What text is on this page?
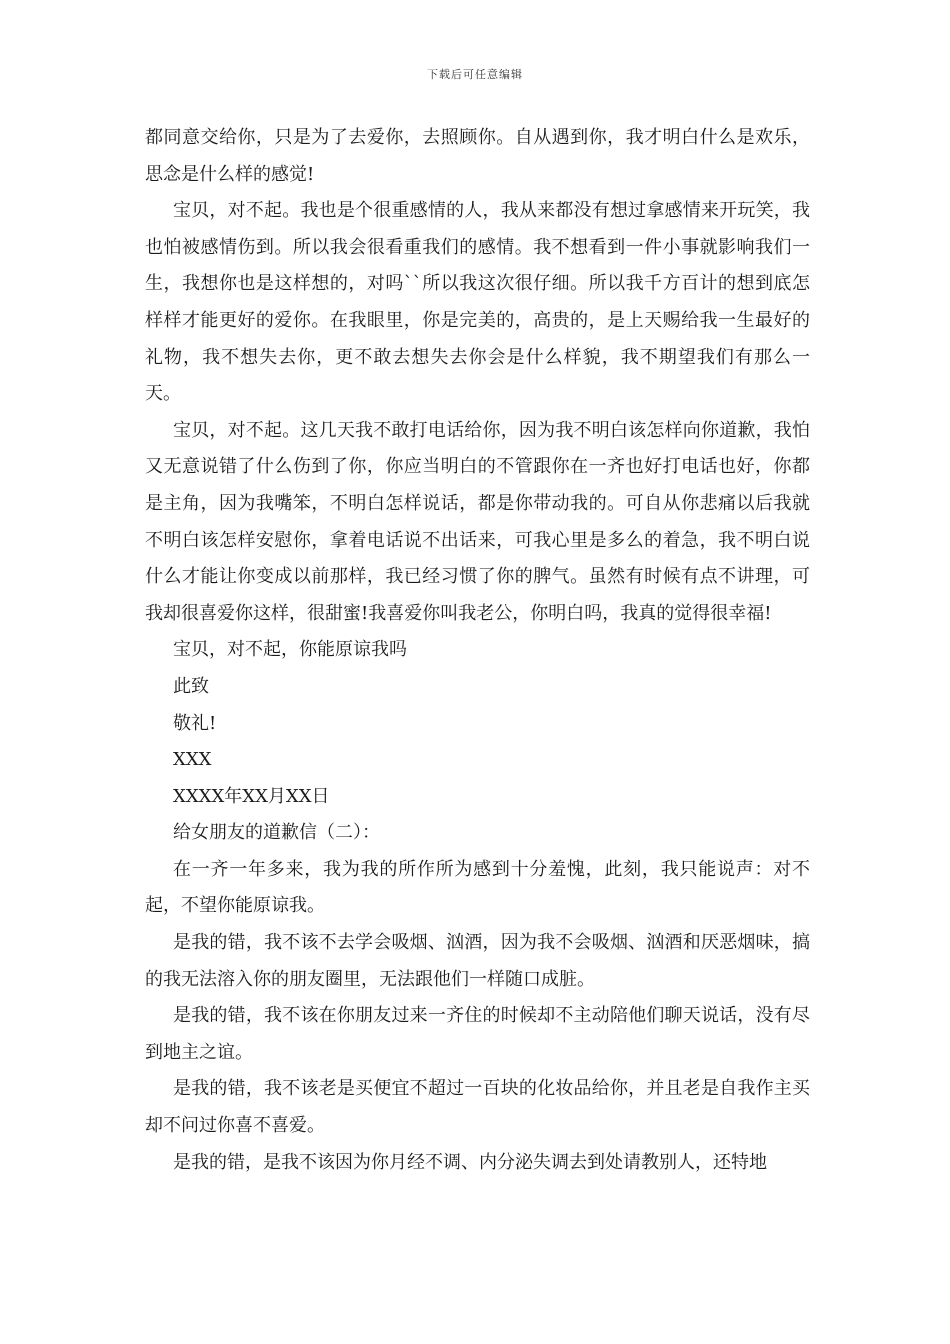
下载后可任意编辑

都同意交给你，只是为了去爱你，去照顾你。自从遇到你，我才明白什么是欢乐，思念是什么样的感觉!

宝贝，对不起。我也是个很重感情的人，我从来都没有想过拿感情来开玩笑，我也怕被感情伤到。所以我会很看重我们的感情。我不想看到一件小事就影响我们一生，我想你也是这样想的，对吗``所以我这次很仔细。所以我千方百计的想到底怎样样才能更好的爱你。在我眼里，你是完美的，高贵的，是上天赐给我一生最好的礼物，我不想失去你，更不敢去想失去你会是什么样貌，我不期望我们有那么一天。

宝贝，对不起。这几天我不敢打电话给你，因为我不明白该怎样向你道歉，我怕又无意说错了什么伤到了你，你应当明白的不管跟你在一齐也好打电话也好，你都是主角，因为我嘴笨，不明白怎样说话，都是你带动我的。可自从你悲痛以后我就不明白该怎样安慰你，拿着电话说不出话来，可我心里是多么的着急，我不明白说什么才能让你变成以前那样，我已经习惯了你的脾气。虽然有时候有点不讲理，可我却很喜爱你这样，很甜蜜!我喜爱你叫我老公，你明白吗，我真的觉得很幸福!

宝贝，对不起，你能原谅我吗

此致

敬礼!

XXX

XXXX年XX月XX日

给女朋友的道歉信（二）：

在一齐一年多来，我为我的所作所为感到十分羞愧，此刻，我只能说声：对不起，不望你能原谅我。

是我的错，我不该不去学会吸烟、汹酒，因为我不会吸烟、汹酒和厌恶烟味，搞的我无法溶入你的朋友圈里，无法跟他们一样随口成脏。

是我的错，我不该在你朋友过来一齐住的时候却不主动陪他们聊天说话，没有尽到地主之谊。

是我的错，我不该老是买便宜不超过一百块的化妆品给你，并且老是自我作主买却不问过你喜不喜爱。

是我的错，是我不该因为你月经不调、内分泌失调去到处请教别人，还特地
